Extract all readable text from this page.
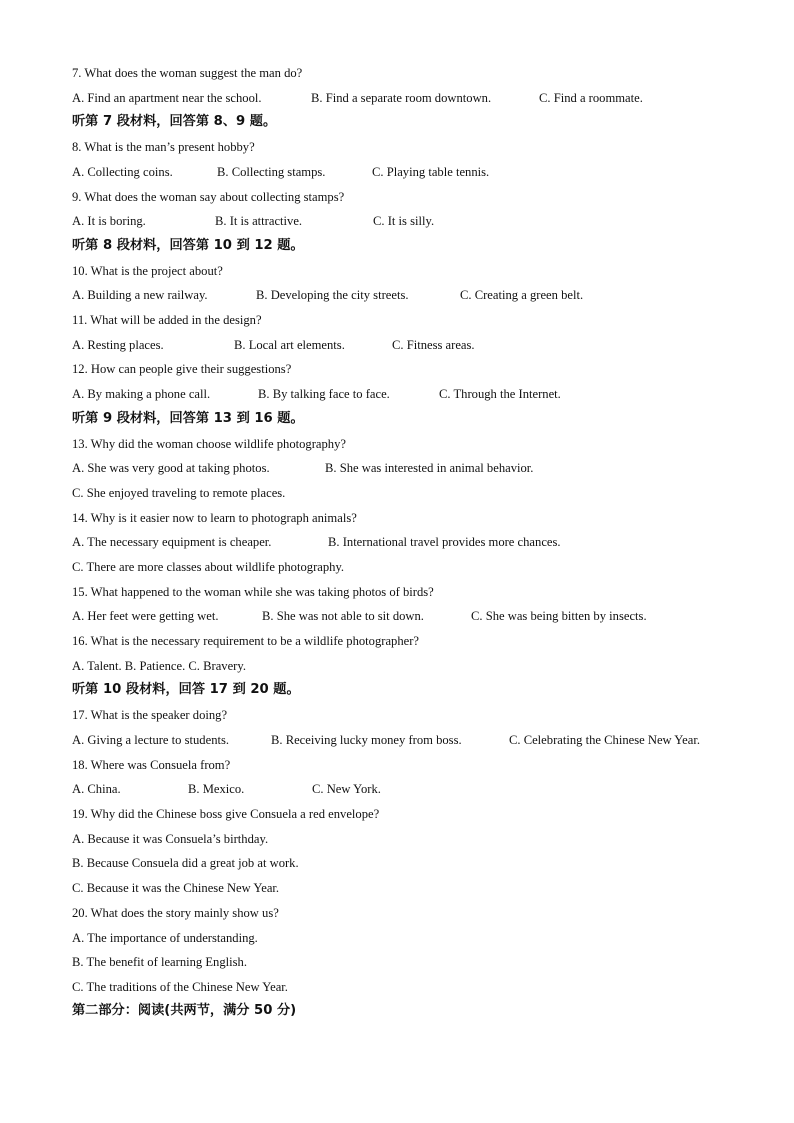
7. What does the woman suggest the man do?
A. Find an apartment near the school.	B. Find a separate room downtown.	C. Find a roommate.
听第 7 段材料，回答第 8、9 题。
8. What is the man’s present hobby?
A. Collecting coins.	B. Collecting stamps.	C. Playing table tennis.
9. What does the woman say about collecting stamps?
A. It is boring.	B. It is attractive.	C. It is silly.
听第 8 段材料，回答第 10 到 12 题。
10. What is the project about?
A. Building a new railway.	B. Developing the city streets.	C. Creating a green belt.
11. What will be added in the design?
A. Resting places.	B. Local art elements.	C. Fitness areas.
12. How can people give their suggestions?
A. By making a phone call.	B. By talking face to face.	C. Through the Internet.
听第 9 段材料，回答第 13 到 16 题。
13. Why did the woman choose wildlife photography?
A. She was very good at taking photos.	B. She was interested in animal behavior.
C. She enjoyed traveling to remote places.
14. Why is it easier now to learn to photograph animals?
A. The necessary equipment is cheaper.	B. International travel provides more chances.
C. There are more classes about wildlife photography.
15. What happened to the woman while she was taking photos of birds?
A. Her feet were getting wet.	B. She was not able to sit down.	C. She was being bitten by insects.
16. What is the necessary requirement to be a wildlife photographer?
A. Talent. B. Patience. C. Bravery.
听第 10 段材料，回答 17 到 20 题。
17. What is the speaker doing?
A. Giving a lecture to students.	B. Receiving lucky money from boss.	C. Celebrating the Chinese New Year.
18. Where was Consuela from?
A. China.	B. Mexico.	C. New York.
19. Why did the Chinese boss give Consuela a red envelope?
A. Because it was Consuela’s birthday.
B. Because Consuela did a great job at work.
C. Because it was the Chinese New Year.
20. What does the story mainly show us?
A. The importance of understanding.
B. The benefit of learning English.
C. The traditions of the Chinese New Year.
第二部分：阅读(共两节，满分 50 分)
